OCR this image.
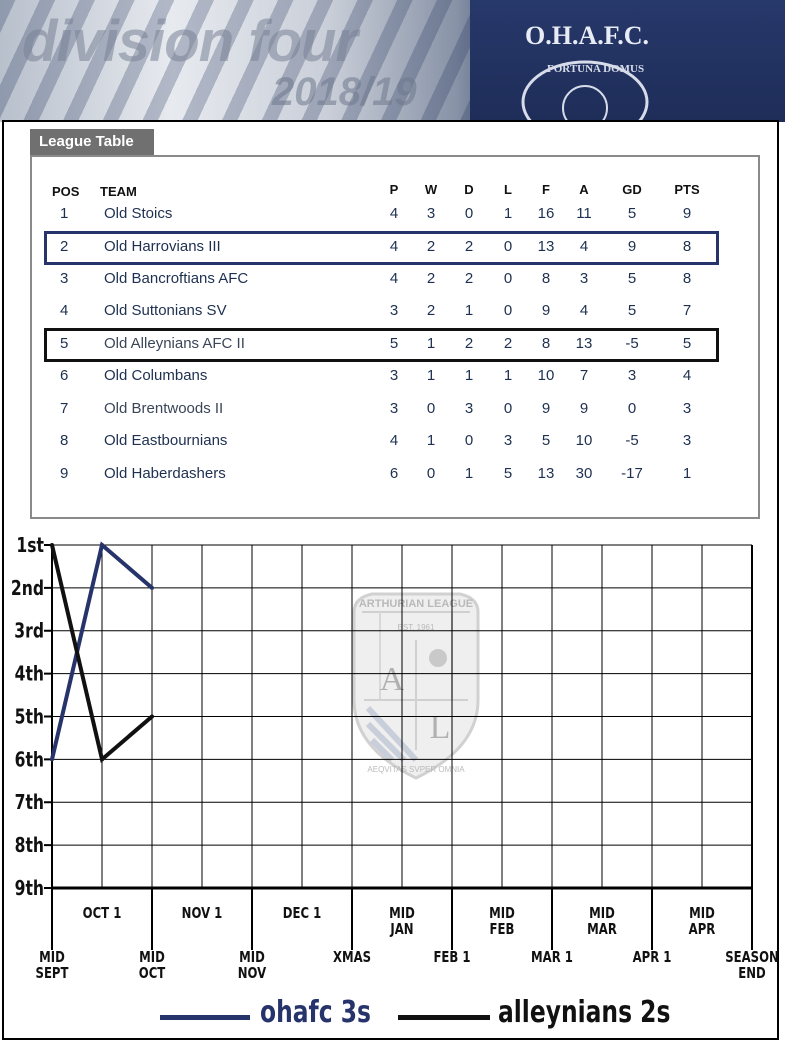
O.H.A.F.C.
FORTUNA DOMUS
division four
2018/19
League Table
POS TEAM	P	W	D	L	F	A	GD	PTS
1 Old Stoics	4	3	0	1	16	11	5	9
2 Old Harrovians III	4	2	2	0	13	4	9	8
3 Old Bancroftians AFC	4	2	2	0	8	3	5	8
4 Old Suttonians SV	3	2	1	0	9	4	5	7
5 Old Alleynians AFC II	5	1	2	2	8	13	-5	5
6 Old Columbans	3	1	1	1	10	7	3	4
7 Old Brentwoods II	3	0	3	0	9	9	0	3
8 Old Eastbournians	4	1	0	3	5	10	-5	3
9 Old Haberdashers	6	0	1	5	13	30	-17	1
ARTHURIAN LEAGUE
EST. 1961
A
L
AEQVITAS SVPER OMNIA
1st
2nd
3rd
4th
5th
6th
7th
8th
9th
OCT 1	NOV 1	DEC 1	MID JAN
MID FEB
MID MAR
MID APR
MID SEPT
MID OCT
MID NOV
XMAS	FEB 1	MAR 1	APR 1	SEASON END
ohafc 3s	alleynians 2s
